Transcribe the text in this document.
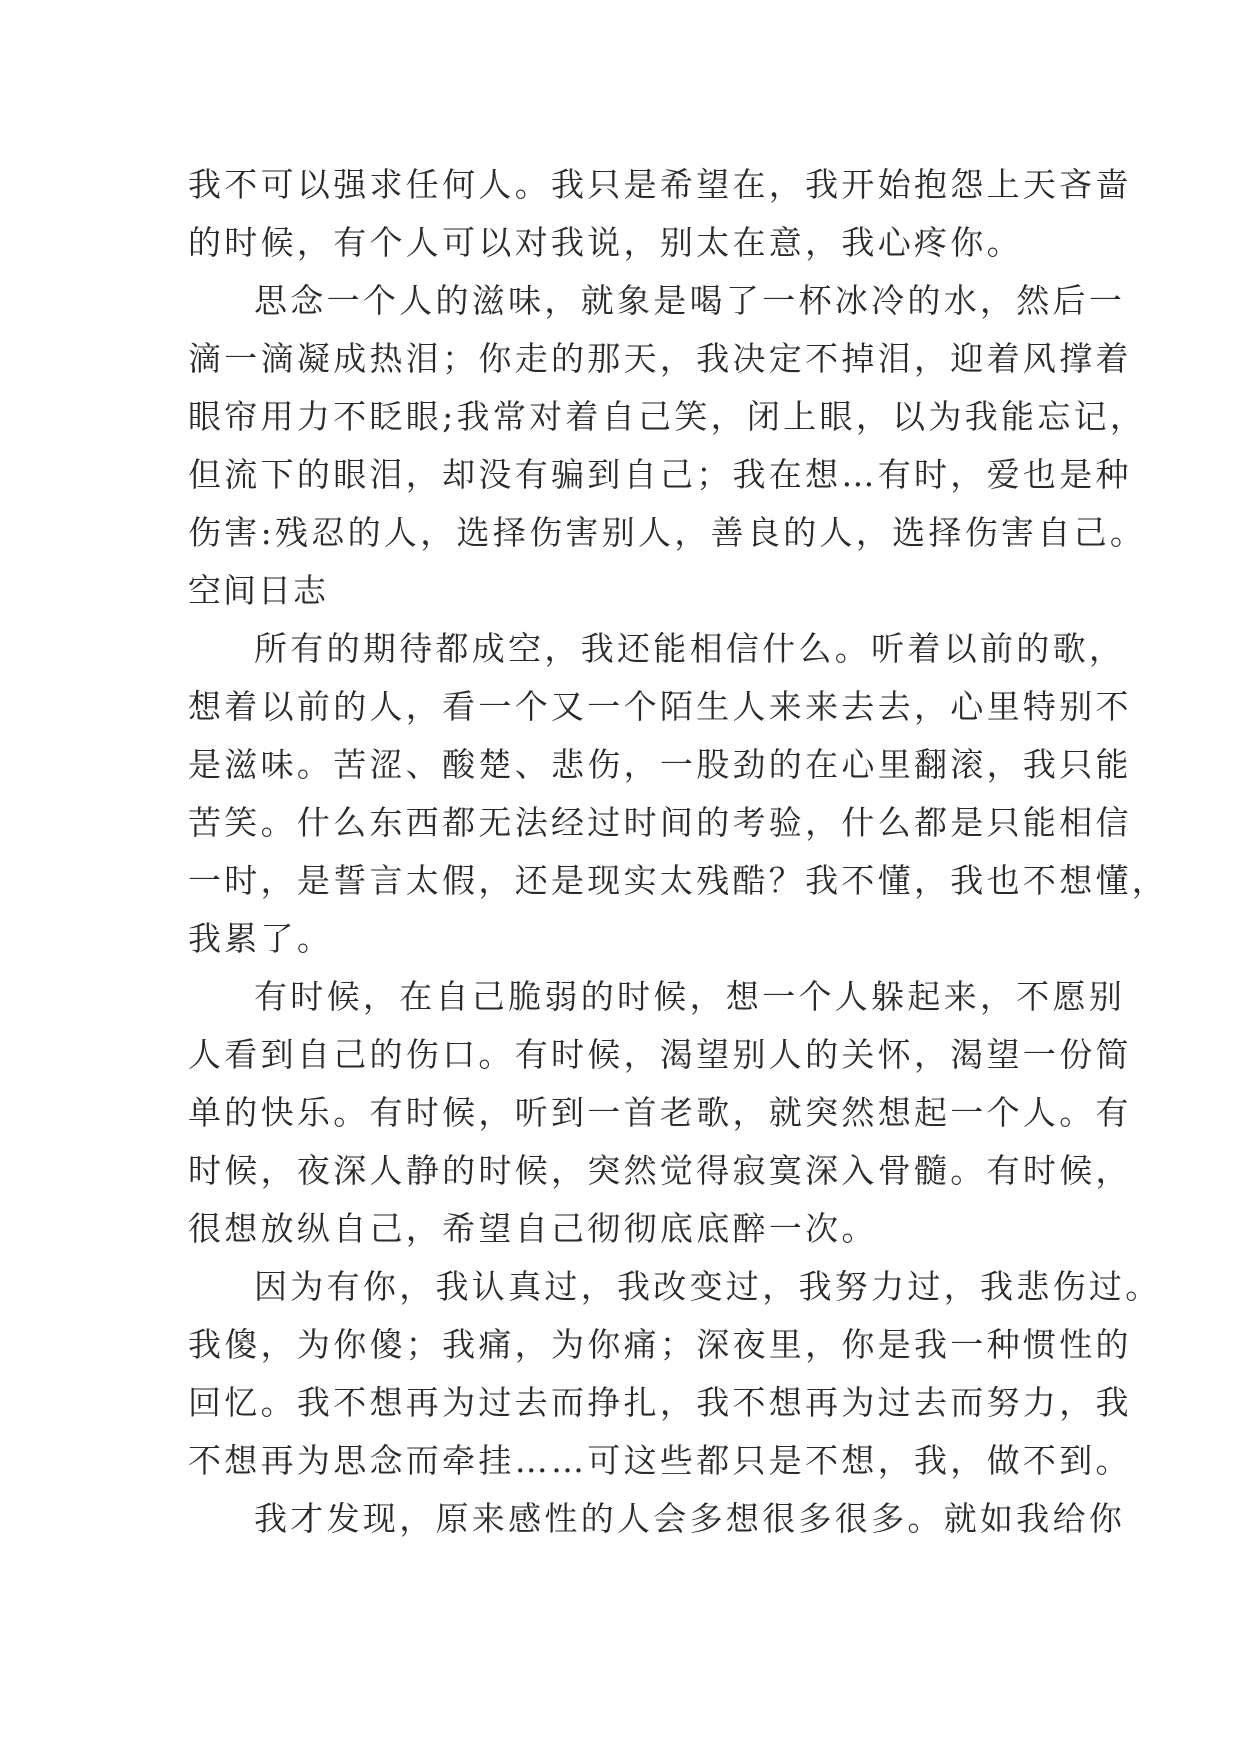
我不可以强求任何人。我只是希望在，我开始抱怨上天吝啬
的时候，有个人可以对我说，别太在意，我心疼你。
思念一个人的滋味，就象是喝了一杯冰冷的水，然后一
滴一滴凝成热泪；你走的那天，我决定不掉泪，迎着风撑着
眼帘用力不眨眼;我常对着自己笑，闭上眼，以为我能忘记，
但流下的眼泪，却没有骗到自己；我在想…有时，爱也是种
伤害:残忍的人，选择伤害别人，善良的人，选择伤害自己。
空间日志
所有的期待都成空，我还能相信什么。听着以前的歌，
想着以前的人，看一个又一个陌生人来来去去，心里特别不
是滋味。苦涩、酸楚、悲伤，一股劲的在心里翻滚，我只能
苦笑。什么东西都无法经过时间的考验，什么都是只能相信
一时，是誓言太假，还是现实太残酷？我不懂，我也不想懂，
我累了。
有时候，在自己脆弱的时候，想一个人躲起来，不愿别
人看到自己的伤口。有时候，渴望别人的关怀，渴望一份简
单的快乐。有时候，听到一首老歌，就突然想起一个人。有
时候，夜深人静的时候，突然觉得寂寞深入骨髓。有时候，
很想放纵自己，希望自己彻彻底底醉一次。
因为有你，我认真过，我改变过，我努力过，我悲伤过。
我傻，为你傻；我痛，为你痛；深夜里，你是我一种惯性的
回忆。我不想再为过去而挣扎，我不想再为过去而努力，我
不想再为思念而牵挂……可这些都只是不想，我，做不到。
我才发现，原来感性的人会多想很多很多。就如我给你
